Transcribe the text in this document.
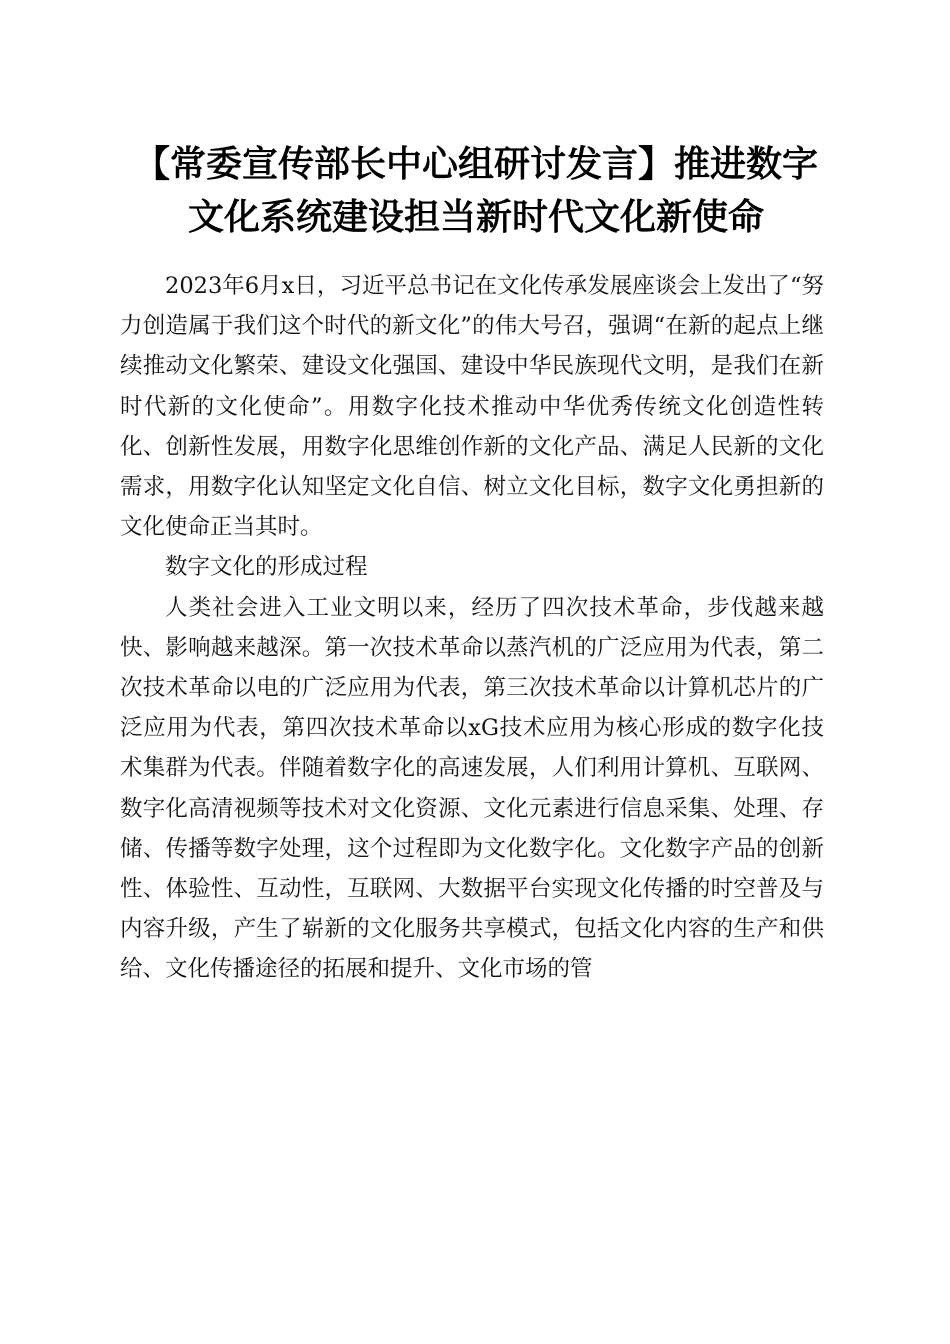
【常委宣传部长中心组研讨发言】推进数字文化系统建设担当新时代文化新使命

2023年6月x日，习近平总书记在文化传承发展座谈会上发出了“努力创造属于我们这个时代的新文化”的伟大号召，强调“在新的起点上继续推动文化繁荣、建设文化强国、建设中华民族现代文明，是我们在新时代新的文化使命”。用数字化技术推动中华优秀传统文化创造性转化、创新性发展，用数字化思维创作新的文化产品、满足人民新的文化需求，用数字化认知坚定文化自信、树立文化目标，数字文化勇担新的文化使命正当其时。

数字文化的形成过程

人类社会进入工业文明以来，经历了四次技术革命，步伐越来越快、影响越来越深。第一次技术革命以蒸汽机的广泛应用为代表，第二次技术革命以电的广泛应用为代表，第三次技术革命以计算机芯片的广泛应用为代表，第四次技术革命以xG技术应用为核心形成的数字化技术集群为代表。伴随着数字化的高速发展，人们利用计算机、互联网、数字化高清视频等技术对文化资源、文化元素进行信息采集、处理、存储、传播等数字处理，这个过程即为文化数字化。文化数字产品的创新性、体验性、互动性，互联网、大数据平台实现文化传播的时空普及与内容升级，产生了崭新的文化服务共享模式，包括文化内容的生产和供给、文化传播途径的拓展和提升、文化市场的管
